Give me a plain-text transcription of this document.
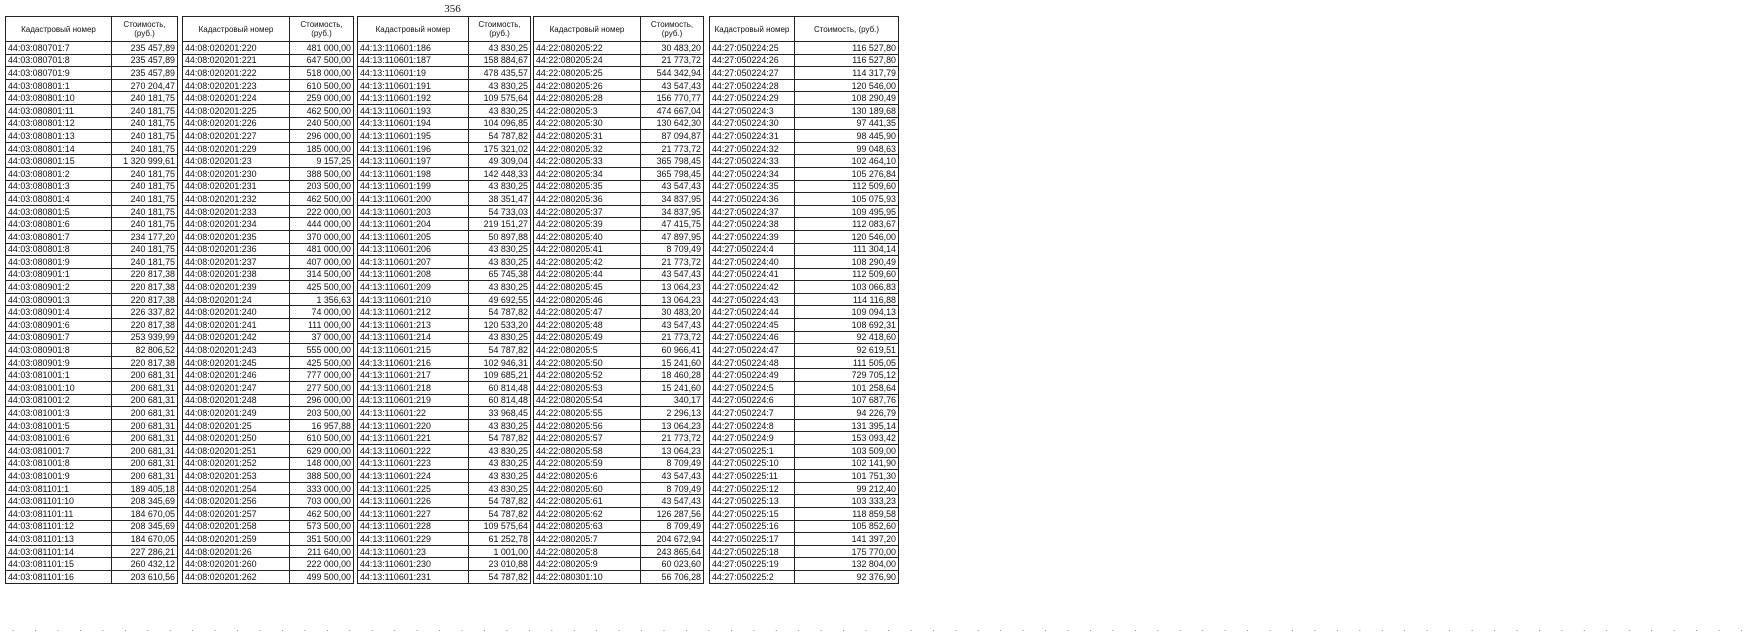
356
Кадастровый номер	Стоимость, (руб.)
44:03:080701:7	235 457,89
44:03:080701:8	235 457,89
44:03:080701:9	235 457,89
44:03:080801:1	270 204,47
44:03:080801:10	240 181,75
44:03:080801:11	240 181,75
44:03:080801:12	240 181,75
44:03:080801:13	240 181,75
44:03:080801:14	240 181,75
44:03:080801:15	1 320 999,61
44:03:080801:2	240 181,75
44:03:080801:3	240 181,75
44:03:080801:4	240 181,75
44:03:080801:5	240 181,75
44:03:080801:6	240 181,75
44:03:080801:7	234 177,20
44:03:080801:8	240 181,75
44:03:080801:9	240 181,75
44:03:080901:1	220 817,38
44:03:080901:2	220 817,38
44:03:080901:3	220 817,38
44:03:080901:4	226 337,82
44:03:080901:6	220 817,38
44:03:080901:7	253 939,99
44:03:080901:8	82 806,52
44:03:080901:9	220 817,38
44:03:081001:1	200 681,31
44:03:081001:10	200 681,31
44:03:081001:2	200 681,31
44:03:081001:3	200 681,31
44:03:081001:5	200 681,31
44:03:081001:6	200 681,31
44:03:081001:7	200 681,31
44:03:081001:8	200 681,31
44:03:081001:9	200 681,31
44:03:081101:1	189 405,18
44:03:081101:10	208 345,69
44:03:081101:11	184 670,05
44:03:081101:12	208 345,69
44:03:081101:13	184 670,05
44:03:081101:14	227 286,21
44:03:081101:15	260 432,12
44:03:081101:16	203 610,56
Кадастровый номер	Стоимость, (руб.)
44:08:020201:220	481 000,00
44:08:020201:221	647 500,00
44:08:020201:222	518 000,00
44:08:020201:223	610 500,00
44:08:020201:224	259 000,00
44:08:020201:225	462 500,00
44:08:020201:226	240 500,00
44:08:020201:227	296 000,00
44:08:020201:229	185 000,00
44:08:020201:23	9 157,25
44:08:020201:230	388 500,00
44:08:020201:231	203 500,00
44:08:020201:232	462 500,00
44:08:020201:233	222 000,00
44:08:020201:234	444 000,00
44:08:020201:235	370 000,00
44:08:020201:236	481 000,00
44:08:020201:237	407 000,00
44:08:020201:238	314 500,00
44:08:020201:239	425 500,00
44:08:020201:24	1 356,63
44:08:020201:240	74 000,00
44:08:020201:241	111 000,00
44:08:020201:242	37 000,00
44:08:020201:243	555 000,00
44:08:020201:245	425 500,00
44:08:020201:246	777 000,00
44:08:020201:247	277 500,00
44:08:020201:248	296 000,00
44:08:020201:249	203 500,00
44:08:020201:25	16 957,88
44:08:020201:250	610 500,00
44:08:020201:251	629 000,00
44:08:020201:252	148 000,00
44:08:020201:253	388 500,00
44:08:020201:254	333 000,00
44:08:020201:256	703 000,00
44:08:020201:257	462 500,00
44:08:020201:258	573 500,00
44:08:020201:259	351 500,00
44:08:020201:26	211 640,00
44:08:020201:260	222 000,00
44:08:020201:262	499 500,00
Кадастровый номер	Стоимость, (руб.)
44:13:110601:186	43 830,25
44:13:110601:187	158 884,67
44:13:110601:19	478 435,57
44:13:110601:191	43 830,25
44:13:110601:192	109 575,64
44:13:110601:193	43 830,25
44:13:110601:194	104 096,85
44:13:110601:195	54 787,82
44:13:110601:196	175 321,02
44:13:110601:197	49 309,04
44:13:110601:198	142 448,33
44:13:110601:199	43 830,25
44:13:110601:200	38 351,47
44:13:110601:203	54 733,03
44:13:110601:204	219 151,27
44:13:110601:205	50 897,88
44:13:110601:206	43 830,25
44:13:110601:207	43 830,25
44:13:110601:208	65 745,38
44:13:110601:209	43 830,25
44:13:110601:210	49 692,55
44:13:110601:212	54 787,82
44:13:110601:213	120 533,20
44:13:110601:214	43 830,25
44:13:110601:215	54 787,82
44:13:110601:216	102 946,31
44:13:110601:217	109 685,21
44:13:110601:218	60 814,48
44:13:110601:219	60 814,48
44:13:110601:22	33 968,45
44:13:110601:220	43 830,25
44:13:110601:221	54 787,82
44:13:110601:222	43 830,25
44:13:110601:223	43 830,25
44:13:110601:224	43 830,25
44:13:110601:225	43 830,25
44:13:110601:226	54 787,82
44:13:110601:227	54 787,82
44:13:110601:228	109 575,64
44:13:110601:229	61 252,78
44:13:110601:23	1 001,00
44:13:110601:230	23 010,88
44:13:110601:231	54 787,82
Кадастровый номер	Стоимость, (руб.)
44:22:080205:22	30 483,20
44:22:080205:24	21 773,72
44:22:080205:25	544 342,94
44:22:080205:26	43 547,43
44:22:080205:28	156 770,77
44:22:080205:3	474 667,04
44:22:080205:30	130 642,30
44:22:080205:31	87 094,87
44:22:080205:32	21 773,72
44:22:080205:33	365 798,45
44:22:080205:34	365 798,45
44:22:080205:35	43 547,43
44:22:080205:36	34 837,95
44:22:080205:37	34 837,95
44:22:080205:39	47 415,75
44:22:080205:40	47 897,95
44:22:080205:41	8 709,49
44:22:080205:42	21 773,72
44:22:080205:44	43 547,43
44:22:080205:45	13 064,23
44:22:080205:46	13 064,23
44:22:080205:47	30 483,20
44:22:080205:48	43 547,43
44:22:080205:49	21 773,72
44:22:080205:5	60 966,41
44:22:080205:50	15 241,60
44:22:080205:52	18 460,28
44:22:080205:53	15 241,60
44:22:080205:54	340,17
44:22:080205:55	2 296,13
44:22:080205:56	13 064,23
44:22:080205:57	21 773,72
44:22:080205:58	13 064,23
44:22:080205:59	8 709,49
44:22:080205:6	43 547,43
44:22:080205:60	8 709,49
44:22:080205:61	43 547,43
44:22:080205:62	126 287,56
44:22:080205:63	8 709,49
44:22:080205:7	204 672,94
44:22:080205:8	243 865,64
44:22:080205:9	60 023,60
44:22:080301:10	56 706,28
Кадастровый номер	Стоимость, (руб.)
44:27:050224:25	116 527,80
44:27:050224:26	116 527,80
44:27:050224:27	114 317,79
44:27:050224:28	120 546,00
44:27:050224:29	108 290,49
44:27:050224:3	130 189,68
44:27:050224:30	97 441,35
44:27:050224:31	98 445,90
44:27:050224:32	99 048,63
44:27:050224:33	102 464,10
44:27:050224:34	105 276,84
44:27:050224:35	112 509,60
44:27:050224:36	105 075,93
44:27:050224:37	109 495,95
44:27:050224:38	112 083,67
44:27:050224:39	120 546,00
44:27:050224:4	111 304,14
44:27:050224:40	108 290,49
44:27:050224:41	112 509,60
44:27:050224:42	103 066,83
44:27:050224:43	114 116,88
44:27:050224:44	109 094,13
44:27:050224:45	108 692,31
44:27:050224:46	92 418,60
44:27:050224:47	92 619,51
44:27:050224:48	111 505,05
44:27:050224:49	729 705,12
44:27:050224:5	101 258,64
44:27:050224:6	107 687,76
44:27:050224:7	94 226,79
44:27:050224:8	131 395,14
44:27:050224:9	153 093,42
44:27:050225:1	103 509,00
44:27:050225:10	102 141,90
44:27:050225:11	101 751,30
44:27:050225:12	99 212,40
44:27:050225:13	103 333,23
44:27:050225:15	118 859,58
44:27:050225:16	105 852,60
44:27:050225:17	141 397,20
44:27:050225:18	175 770,00
44:27:050225:19	132 804,00
44:27:050225:2	92 376,90
. . . . . . . . . . . . . . . . . . . . . . . . . . . . . . . . . . . . . . . . . . . . . . . . . . . . . . . . . . . . . . . . . . . . . . . . . . . . . .
